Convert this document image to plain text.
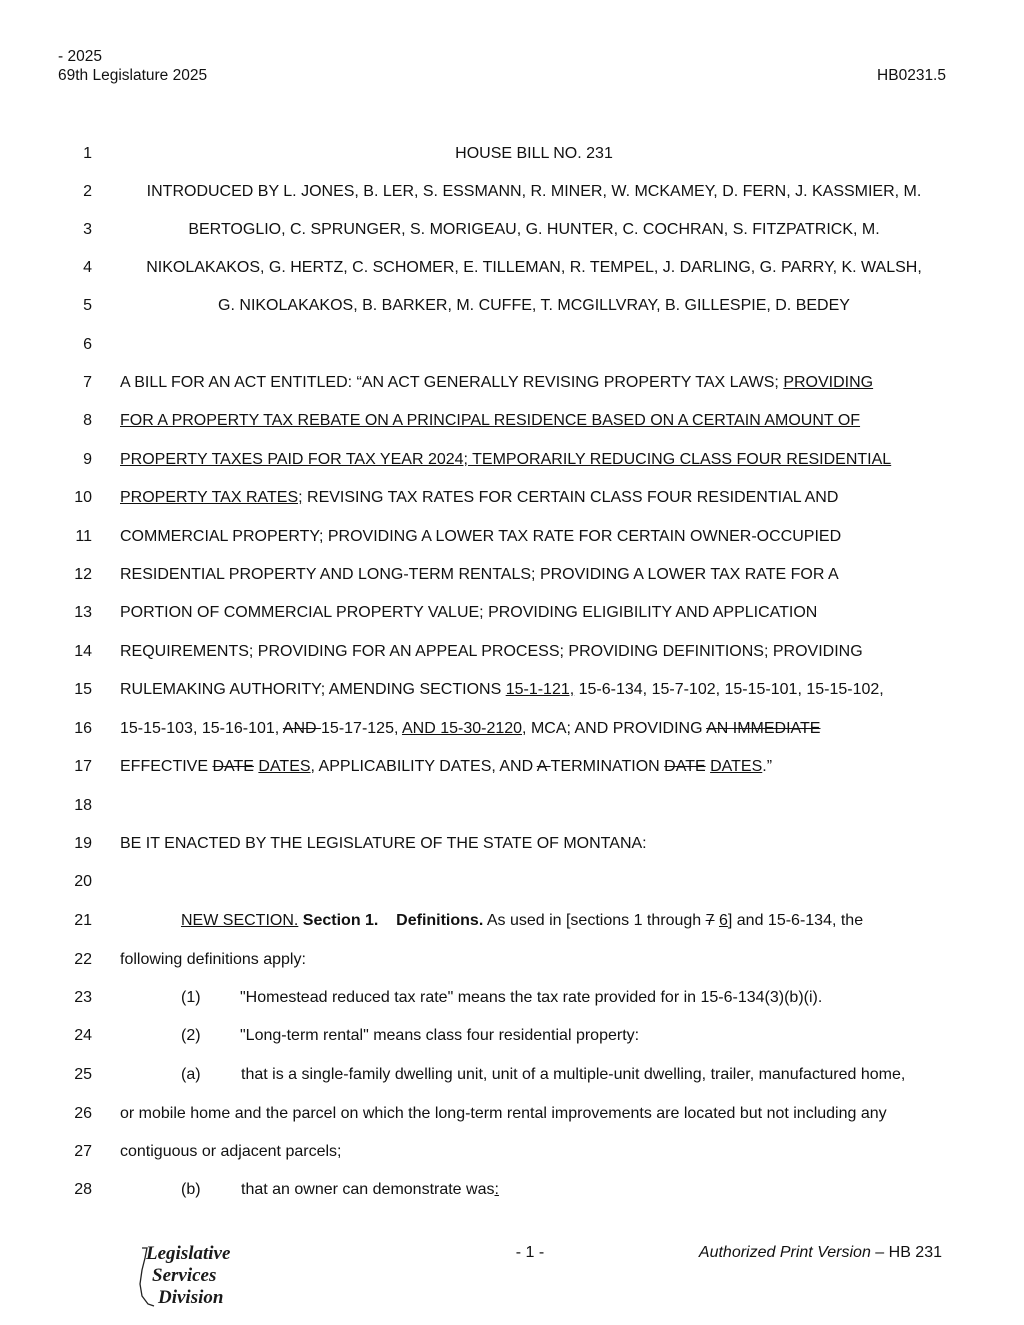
- 2025
69th Legislature 2025	HB0231.5
1	HOUSE BILL NO. 231
2	INTRODUCED BY L. JONES, B. LER, S. ESSMANN, R. MINER, W. MCKAMEY, D. FERN, J. KASSMIER, M.
3	BERTOGLIO, C. SPRUNGER, S. MORIGEAU, G. HUNTER, C. COCHRAN, S. FITZPATRICK, M.
4	NIKOLAKAKOS, G. HERTZ, C. SCHOMER, E. TILLEMAN, R. TEMPEL, J. DARLING, G. PARRY, K. WALSH,
5	G. NIKOLAKAKOS, B. BARKER, M. CUFFE, T. MCGILLVRAY, B. GILLESPIE, D. BEDEY
6
7 A BILL FOR AN ACT ENTITLED: “AN ACT GENERALLY REVISING PROPERTY TAX LAWS; PROVIDING
8 FOR A PROPERTY TAX REBATE ON A PRINCIPAL RESIDENCE BASED ON A CERTAIN AMOUNT OF
9 PROPERTY TAXES PAID FOR TAX YEAR 2024; TEMPORARILY REDUCING CLASS FOUR RESIDENTIAL
10 PROPERTY TAX RATES; REVISING TAX RATES FOR CERTAIN CLASS FOUR RESIDENTIAL AND
11 COMMERCIAL PROPERTY; PROVIDING A LOWER TAX RATE FOR CERTAIN OWNER-OCCUPIED
12 RESIDENTIAL PROPERTY AND LONG-TERM RENTALS; PROVIDING A LOWER TAX RATE FOR A
13 PORTION OF COMMERCIAL PROPERTY VALUE; PROVIDING ELIGIBILITY AND APPLICATION
14 REQUIREMENTS; PROVIDING FOR AN APPEAL PROCESS; PROVIDING DEFINITIONS; PROVIDING
15 RULEMAKING AUTHORITY; AMENDING SECTIONS 15-1-121, 15-6-134, 15-7-102, 15-15-101, 15-15-102,
16 15-15-103, 15-16-101, AND 15-17-125, AND 15-30-2120, MCA; AND PROVIDING AN IMMEDIATE
17 EFFECTIVE DATE DATES, APPLICABILITY DATES, AND A TERMINATION DATE DATES.”
18
19 BE IT ENACTED BY THE LEGISLATURE OF THE STATE OF MONTANA:
20
21	NEW SECTION. Section 1. Definitions. As used in [sections 1 through 7 6] and 15-6-134, the
22 following definitions apply:
23	(1) "Homestead reduced tax rate" means the tax rate provided for in 15-6-134(3)(b)(i).
24	(2) "Long-term rental" means class four residential property:
25	(a)	that is a single-family dwelling unit, unit of a multiple-unit dwelling, trailer, manufactured home,
26 or mobile home and the parcel on which the long-term rental improvements are located but not including any
27 contiguous or adjacent parcels;
28	(b)	that an owner can demonstrate was:
Legislative
Services
Division
- 1 -	Authorized Print Version – HB 231
